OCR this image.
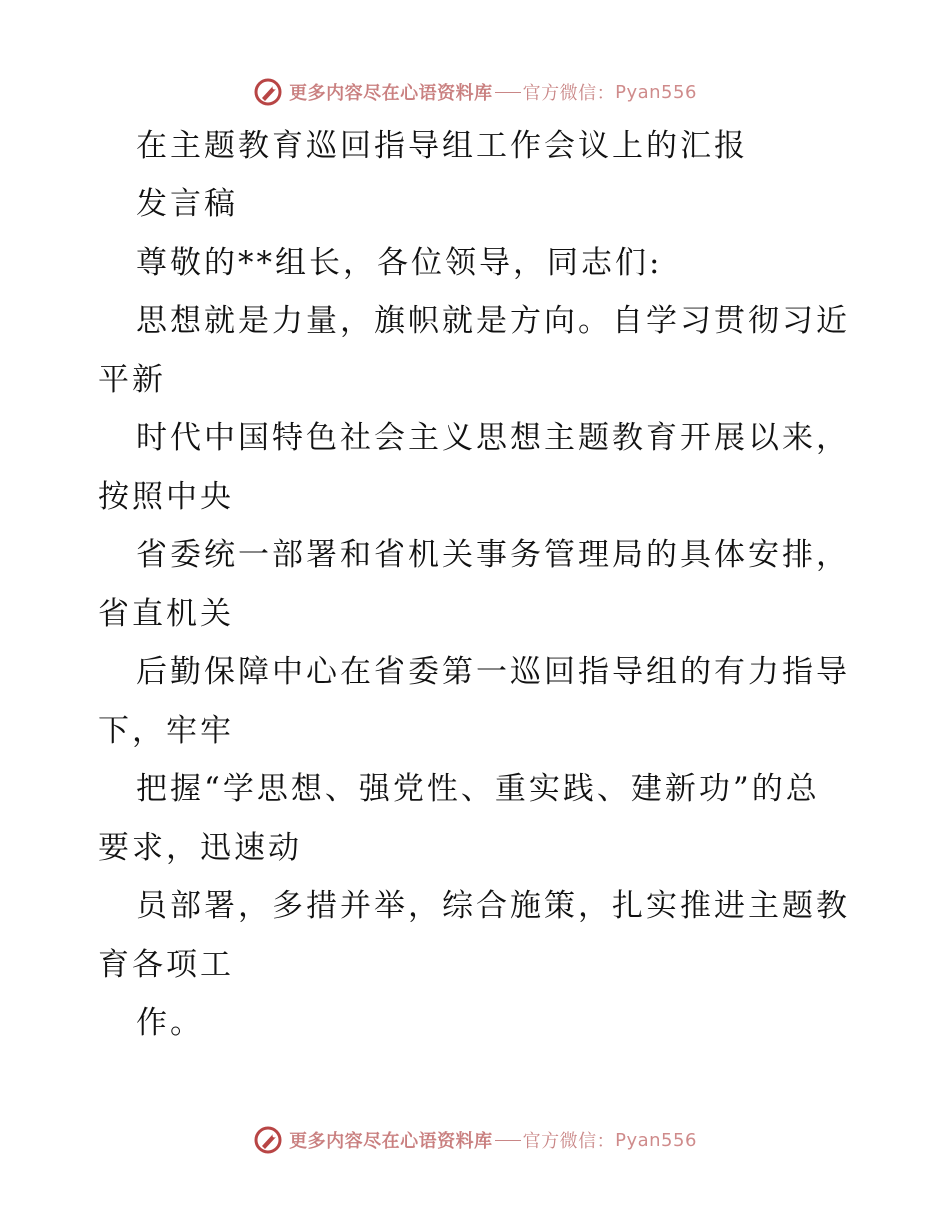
更多内容尽在心语资料库 官方微信： Pyan556
在主题教育巡回指导组工作会议上的汇报
发言稿
尊敬的**组长，各位领导，同志们:
思想就是力量，旗帜就是方向。自学习贯彻习近
平新
时代中国特色社会主义思想主题教育开展以来，
按照中央
省委统一部署和省机关事务管理局的具体安排，
省直机关
后勤保障中心在省委第一巡回指导组的有力指导
下，牢牢
把握“学思想、强党性、重实践、建新功”的总
要求，迅速动
员部署，多措并举，综合施策，扎实推进主题教
育各项工
作。
更多内容尽在心语资料库 官方微信： Pyan556
